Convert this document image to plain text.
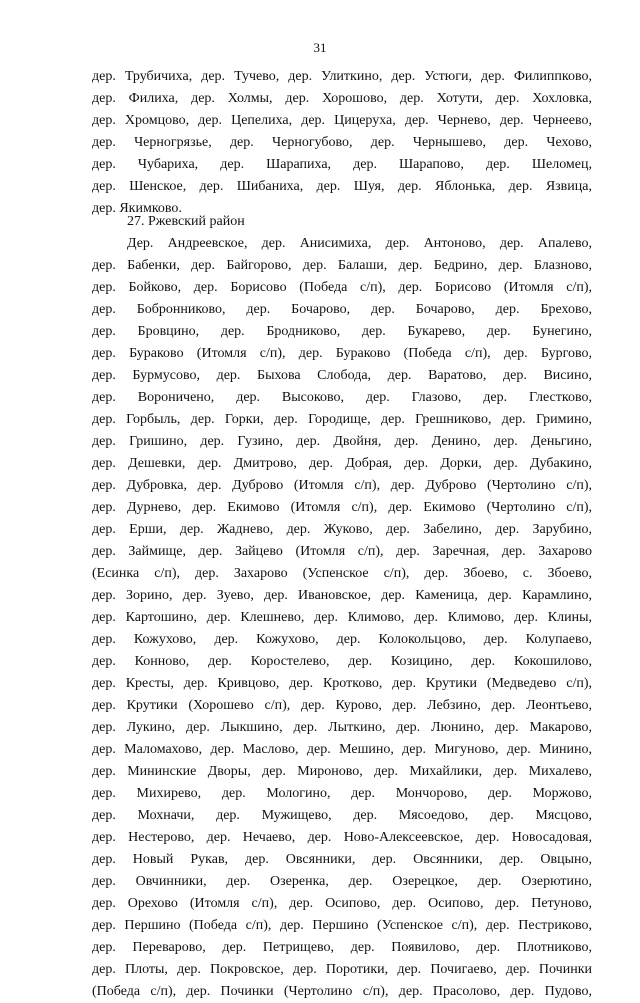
31
дер. Трубичиха, дер. Тучево, дер. Улиткино, дер. Устюги, дер. Филиппково,
дер. Филиха, дер. Холмы, дер. Хорошово, дер. Хотути, дер. Хохловка,
дер. Хромцово, дер. Цепелиха, дер. Цицеруха, дер. Чернево, дер. Чернеево,
дер. Черногрязье, дер. Черногубово, дер. Чернышево, дер. Чехово,
дер. Чубариха, дер. Шарапиха, дер. Шарапово, дер. Шеломец,
дер. Шенское, дер. Шибаниха, дер. Шуя, дер. Яблонька, дер. Язвица,
дер. Якимково.
27. Ржевский район
Дер. Андреевское, дер. Анисимиха, дер. Антоново, дер. Апалево,
дер. Бабенки, дер. Байгорово, дер. Балаши, дер. Бедрино, дер. Блазново,
дер. Бойково, дер. Борисово (Победа с/п), дер. Борисово (Итомля с/п),
дер. Бобронниково, дер. Бочарово, дер. Бочарово, дер. Брехово,
дер. Бровцино, дер. Бродниково, дер. Букарево, дер. Бунегино,
дер. Бураково (Итомля с/п), дер. Бураково (Победа с/п), дер. Бургово,
дер. Бурмусово, дер. Быхова Слобода, дер. Варатово, дер. Висино,
дер. Вороничено, дер. Высоково, дер. Глазово, дер. Глестково,
дер. Горбыль, дер. Горки, дер. Городище, дер. Грешниково, дер. Гримино,
дер. Гришино, дер. Гузино, дер. Двойня, дер. Денино, дер. Деньгино,
дер. Дешевки, дер. Дмитрово, дер. Добрая, дер. Дорки, дер. Дубакино,
дер. Дубровка, дер. Дуброво (Итомля с/п), дер. Дуброво (Чертолино с/п),
дер. Дурнево, дер. Екимово (Итомля с/п), дер. Екимово (Чертолино с/п),
дер. Ерши, дер. Жаднево, дер. Жуково, дер. Забелино, дер. Зарубино,
дер. Займище, дер. Зайцево (Итомля с/п), дер. Заречная, дер. Захарово
(Есинка с/п), дер. Захарово (Успенское с/п), дер. Збоево, с. Збоево,
дер. Зорино, дер. Зуево, дер. Ивановское, дер. Каменица, дер. Карамлино,
дер. Картошино, дер. Клешнево, дер. Климово, дер. Климово, дер. Клины,
дер. Кожухово, дер. Кожухово, дер. Колокольцово, дер. Колупаево,
дер. Конново, дер. Коростелево, дер. Козицино, дер. Кокошилово,
дер. Кресты, дер. Кривцово, дер. Кротково, дер. Крутики (Медведево с/п),
дер. Крутики (Хорошево с/п), дер. Курово, дер. Лебзино, дер. Леонтьево,
дер. Лукино, дер. Лыкшино, дер. Лыткино, дер. Люнино, дер. Макарово,
дер. Маломахово, дер. Маслово, дер. Мешино, дер. Мигуново, дер. Минино,
дер. Мининские Дворы, дер. Мироново, дер. Михайлики, дер. Михалево,
дер. Михирево, дер. Мологино, дер. Мончорово, дер. Моржово,
дер. Мохначи, дер. Мужищево, дер. Мясоедово, дер. Мясцово,
дер. Нестерово, дер. Нечаево, дер. Ново-Алексеевское, дер. Новосадовая,
дер. Новый Рукав, дер. Овсянники, дер. Овсянники, дер. Овцыно,
дер. Овчинники, дер. Озеренка, дер. Озерецкое, дер. Озерютино,
дер. Орехово (Итомля с/п), дер. Осипово, дер. Осипово, дер. Петуново,
дер. Першино (Победа с/п), дер. Першино (Успенское с/п), дер. Пестриково,
дер. Переварово, дер. Петрищево, дер. Появилово, дер. Плотниково,
дер. Плоты, дер. Покровское, дер. Поротики, дер. Почигаево, дер. Починки
(Победа с/п), дер. Починки (Чертолино с/п), дер. Прасолово, дер. Пудово,
